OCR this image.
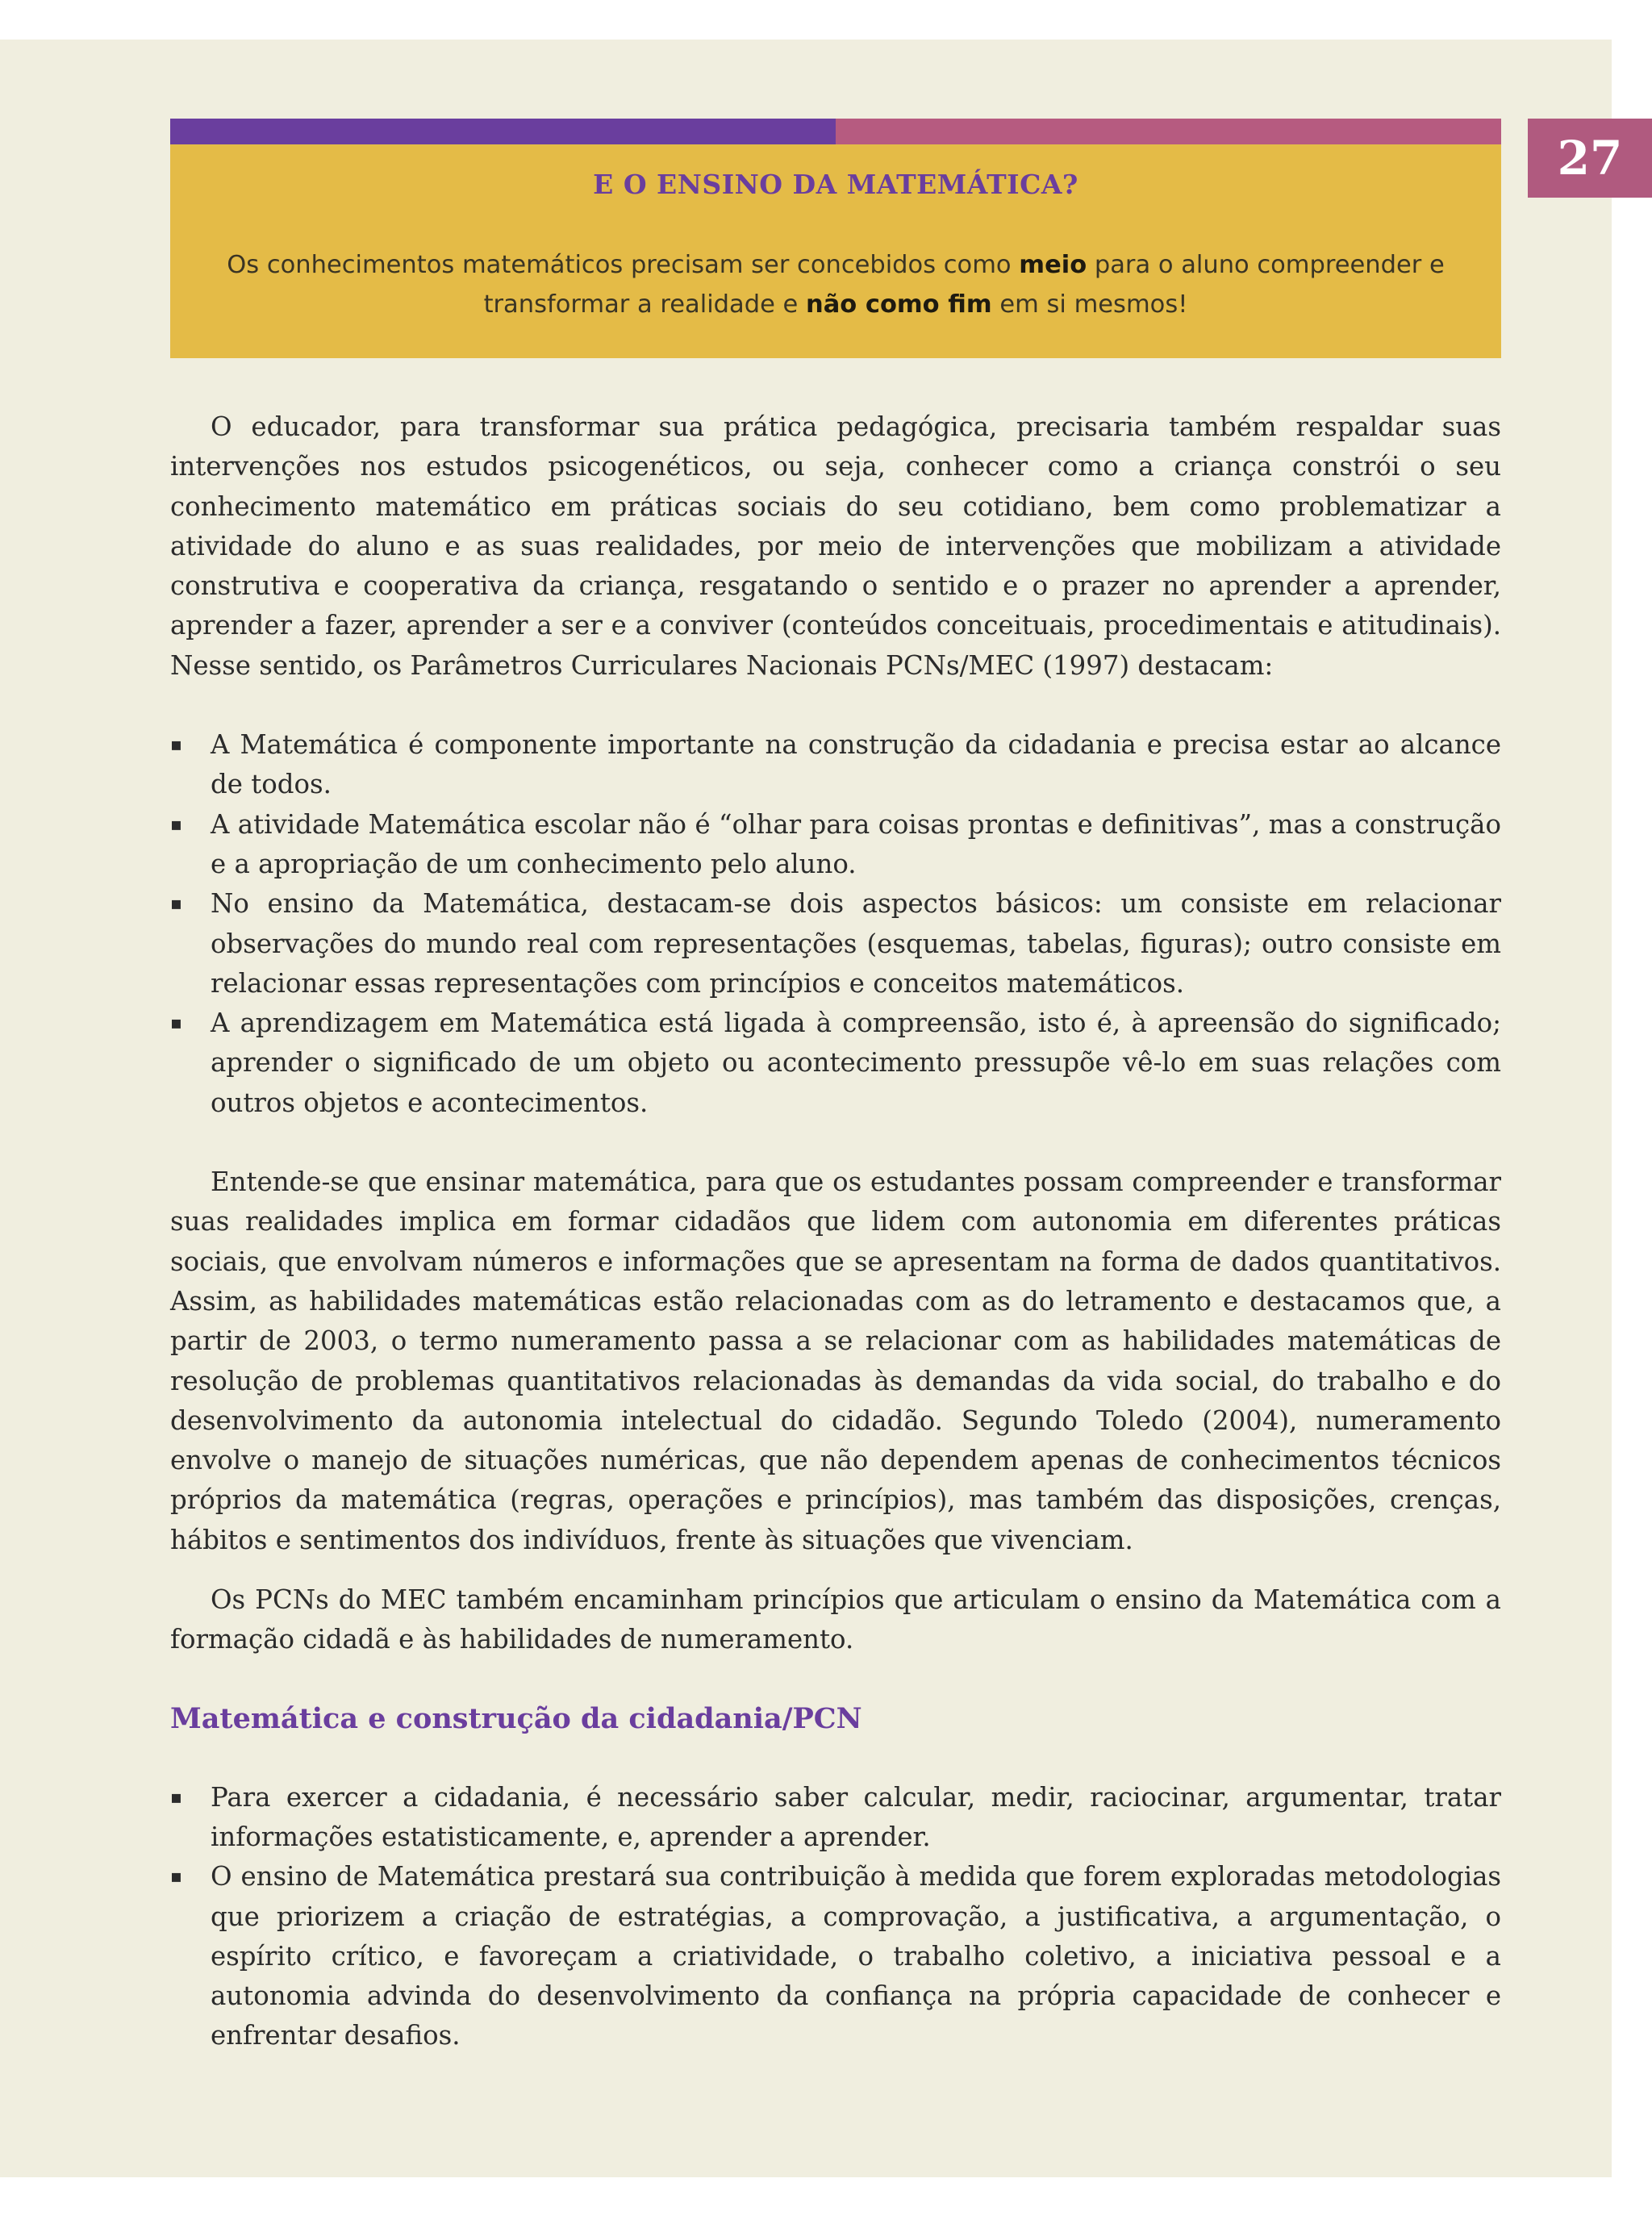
27
E O ENSINO DA MATEMÁTICA?
Os conhecimentos matemáticos precisam ser concebidos como meio para o aluno compreender e transformar a realidade e não como fim em si mesmos!

O educador, para transformar sua prática pedagógica, precisaria também respaldar suas intervenções nos estudos psicogenéticos, ou seja, conhecer como a criança constrói o seu conhecimento matemático em práticas sociais do seu cotidiano, bem como problematizar a atividade do aluno e as suas realidades, por meio de intervenções que mobilizam a atividade construtiva e cooperativa da criança, resgatando o sentido e o prazer no aprender a aprender, aprender a fazer, aprender a ser e a conviver (conteúdos conceituais, procedimentais e atitudinais). Nesse sentido, os Parâmetros Curriculares Nacionais PCNs/MEC (1997) destacam:

▪ A Matemática é componente importante na construção da cidadania e precisa estar ao alcance de todos.
▪ A atividade Matemática escolar não é “olhar para coisas prontas e definitivas”, mas a construção e a apropriação de um conhecimento pelo aluno.
▪ No ensino da Matemática, destacam-se dois aspectos básicos: um consiste em relacionar observações do mundo real com representações (esquemas, tabelas, figuras); outro consiste em relacionar essas representações com princípios e conceitos matemáticos.
▪ A aprendizagem em Matemática está ligada à compreensão, isto é, à apreensão do significado; aprender o significado de um objeto ou acontecimento pressupõe vê-lo em suas relações com outros objetos e acontecimentos.

Entende-se que ensinar matemática, para que os estudantes possam compreender e transformar suas realidades implica em formar cidadãos que lidem com autonomia em diferentes práticas sociais, que envolvam números e informações que se apresentam na forma de dados quantitativos. Assim, as habilidades matemáticas estão relacionadas com as do letramento e destacamos que, a partir de 2003, o termo numeramento passa a se relacionar com as habilidades matemáticas de resolução de problemas quantitativos relacionadas às demandas da vida social, do trabalho e do desenvolvimento da autonomia intelectual do cidadão. Segundo Toledo (2004), numeramento envolve o manejo de situações numéricas, que não dependem apenas de conhecimentos técnicos próprios da matemática (regras, operações e princípios), mas também das disposições, crenças, hábitos e sentimentos dos indivíduos, frente às situações que vivenciam.

Os PCNs do MEC também encaminham princípios que articulam o ensino da Matemática com a formação cidadã e às habilidades de numeramento.

Matemática e construção da cidadania/PCN
▪ Para exercer a cidadania, é necessário saber calcular, medir, raciocinar, argumentar, tratar informações estatisticamente, e, aprender a aprender.
▪ O ensino de Matemática prestará sua contribuição à medida que forem exploradas metodologias que priorizem a criação de estratégias, a comprovação, a justificativa, a argumentação, o espírito crítico, e favoreçam a criatividade, o trabalho coletivo, a iniciativa pessoal e a autonomia advinda do desenvolvimento da confiança na própria capacidade de conhecer e enfrentar desafios.
